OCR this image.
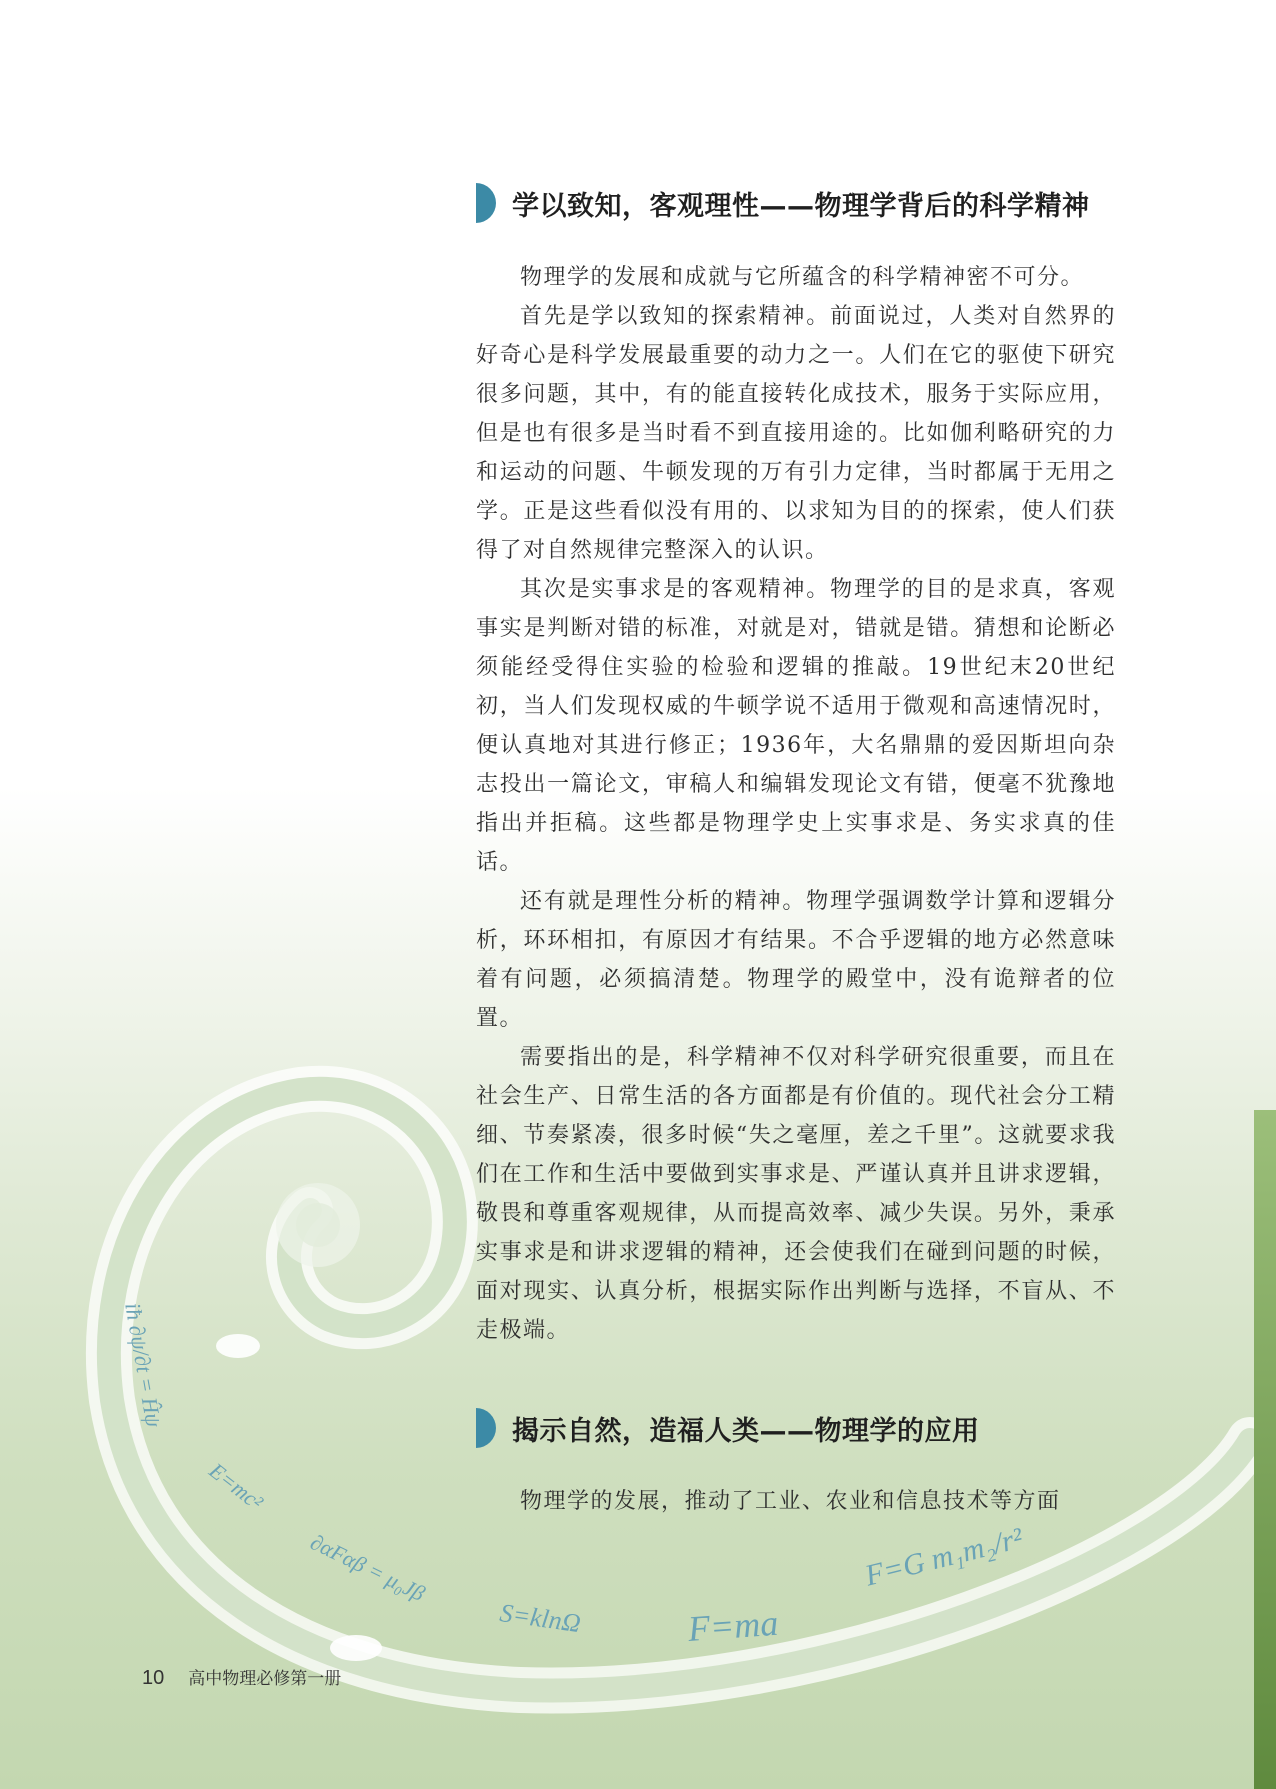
学以致知，客观理性——物理学背后的科学精神

物理学的发展和成就与它所蕴含的科学精神密不可分。

首先是学以致知的探索精神。前面说过，人类对自然界的好奇心是科学发展最重要的动力之一。人们在它的驱使下研究很多问题，其中，有的能直接转化成技术，服务于实际应用，但是也有很多是当时看不到直接用途的。比如伽利略研究的力和运动的问题、牛顿发现的万有引力定律，当时都属于无用之学。正是这些看似没有用的、以求知为目的的探索，使人们获得了对自然规律完整深入的认识。

其次是实事求是的客观精神。物理学的目的是求真，客观事实是判断对错的标准，对就是对，错就是错。猜想和论断必须能经受得住实验的检验和逻辑的推敲。19世纪末20世纪初，当人们发现权威的牛顿学说不适用于微观和高速情况时，便认真地对其进行修正；1936年，大名鼎鼎的爱因斯坦向杂志投出一篇论文，审稿人和编辑发现论文有错，便毫不犹豫地指出并拒稿。这些都是物理学史上实事求是、务实求真的佳话。

还有就是理性分析的精神。物理学强调数学计算和逻辑分析，环环相扣，有原因才有结果。不合乎逻辑的地方必然意味着有问题，必须搞清楚。物理学的殿堂中，没有诡辩者的位置。

需要指出的是，科学精神不仅对科学研究很重要，而且在社会生产、日常生活的各方面都是有价值的。现代社会分工精细、节奏紧凑，很多时候“失之毫厘，差之千里”。这就要求我们在工作和生活中要做到实事求是、严谨认真并且讲求逻辑，敬畏和尊重客观规律，从而提高效率、减少失误。另外，秉承实事求是和讲求逻辑的精神，还会使我们在碰到问题的时候，面对现实、认真分析，根据实际作出判断与选择，不盲从、不走极端。

揭示自然，造福人类——物理学的应用

物理学的发展，推动了工业、农业和信息技术等方面

iħ ∂ψ/∂t = Ĥψ
E=mc²
∂αFαβ = μ₀Jβ
S=klnΩ	F=ma
F=G m₁m₂/r²
10 高中物理必修第一册
